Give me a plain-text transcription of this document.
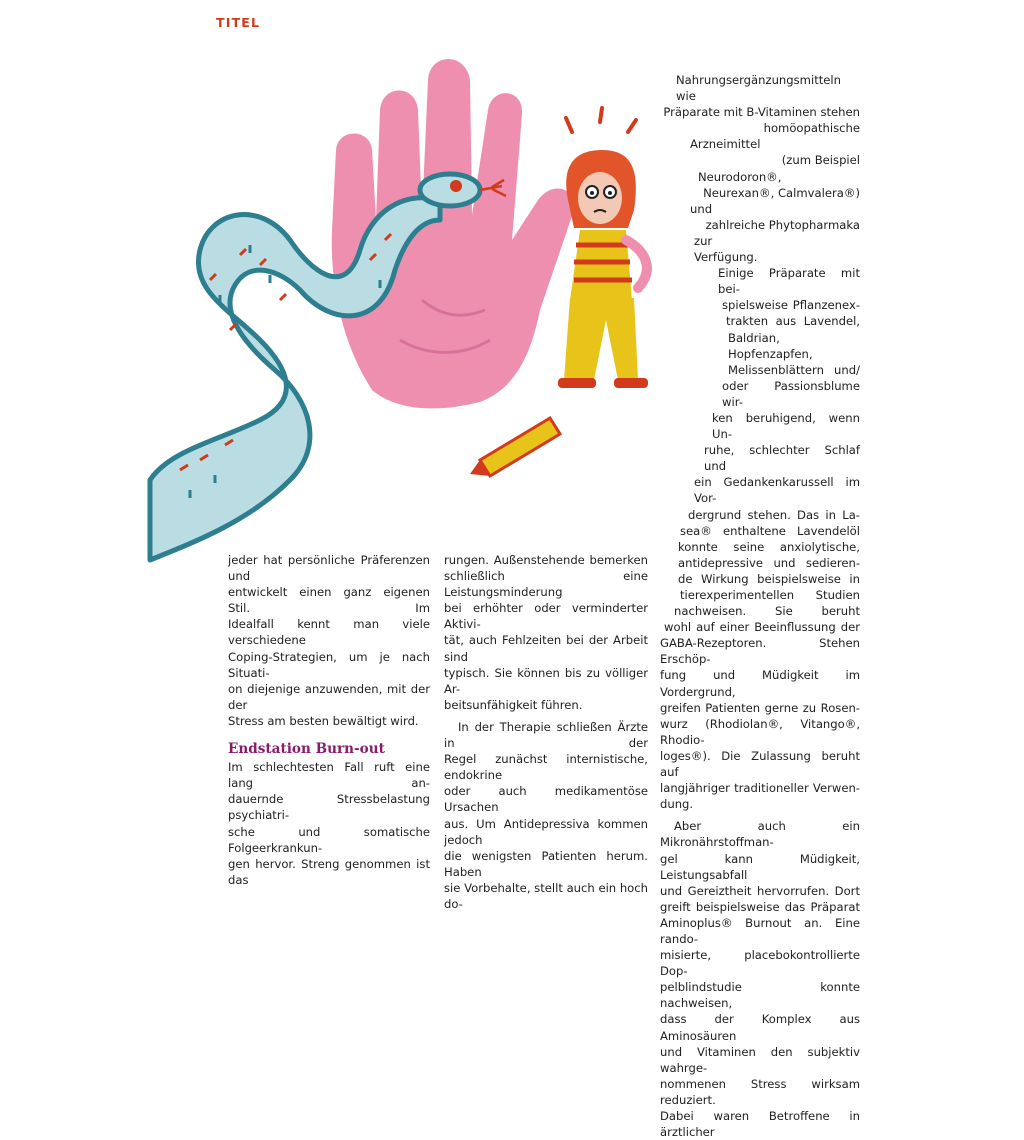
TITEL

jeder hat persönliche Präferenzen und
entwickelt einen ganz eigenen Stil. Im
Idealfall kennt man viele verschiedene
Coping-Strategien, um je nach Situati-
on diejenige anzuwenden, mit der der
Stress am besten bewältigt wird.

Endstation Burn-out

Im schlechtesten Fall ruft eine lang an-
dauernde Stressbelastung psychiatri-
sche und somatische Folgeerkrankun-
gen hervor. Streng genommen ist das

rungen. Außenstehende bemerken
schließlich eine Leistungsminderung
bei erhöhter oder verminderter Aktivi-
tät, auch Fehlzeiten bei der Arbeit sind
typisch. Sie können bis zu völliger Ar-
beitsunfähigkeit führen.

In der Therapie schließen Ärzte in der
Regel zunächst internistische, endokrine
oder auch medikamentöse Ursachen
aus. Um Antidepressiva kommen jedoch
die wenigsten Patienten herum. Haben
sie Vorbehalte, stellt auch ein hoch do-

Nahrungsergänzungsmitteln wie
Präparate mit B-Vitaminen stehen
homöopathische Arzneimittel
(zum Beispiel Neurodoron®,
Neurexan®, Calmvalera®) und
zahlreiche Phytopharmaka zur
Verfügung.

Einige Präparate mit bei-
spielsweise Pflanzenex-
trakten aus Lavendel,
Baldrian, Hopfenzapfen,
Melissenblättern und/
oder Passionsblume wir-
ken beruhigend, wenn Un-
ruhe, schlechter Schlaf und
ein Gedankenkarussell im Vor-
dergrund stehen. Das in La-
sea® enthaltene Lavendelöl
konnte seine anxiolytische,
antidepressive und sedieren-
de Wirkung beispielsweise in
tierexperimentellen Studien
nachweisen. Sie beruht
wohl auf einer Beeinflussung der
GABA-Rezeptoren. Stehen Erschöp-
fung und Müdigkeit im Vordergrund,
greifen Patienten gerne zu Rosen-
wurz (Rhodiolan®, Vitango®, Rhodio-
loges®). Die Zulassung beruht auf
langjähriger traditioneller Verwen-
dung.

Aber auch ein Mikronährstoffman-
gel kann Müdigkeit, Leistungsabfall
und Gereiztheit hervorrufen. Dort
greift beispielsweise das Präparat
Aminoplus® Burnout an. Eine rando-
misierte, placebokontrollierte Dop-
pelblindstudie konnte nachweisen,
dass der Komplex aus Aminosäuren
und Vitaminen den subjektiv wahrge-
nommenen Stress wirksam reduziert.
Dabei waren Betroffene in ärztlicher
